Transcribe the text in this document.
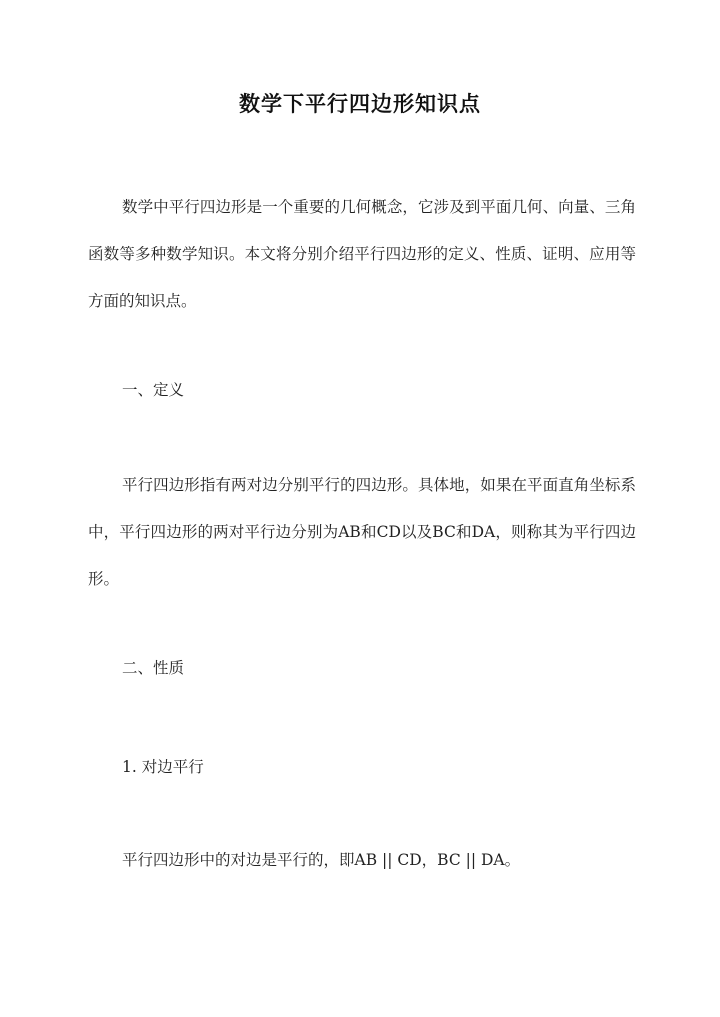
数学下平行四边形知识点
数学中平行四边形是一个重要的几何概念，它涉及到平面几何、向量、三角函数等多种数学知识。本文将分别介绍平行四边形的定义、性质、证明、应用等方面的知识点。
一、定义
平行四边形指有两对边分别平行的四边形。具体地，如果在平面直角坐标系中，平行四边形的两对平行边分别为AB和CD以及BC和DA，则称其为平行四边形。
二、性质
1. 对边平行
平行四边形中的对边是平行的，即AB || CD，BC || DA。
